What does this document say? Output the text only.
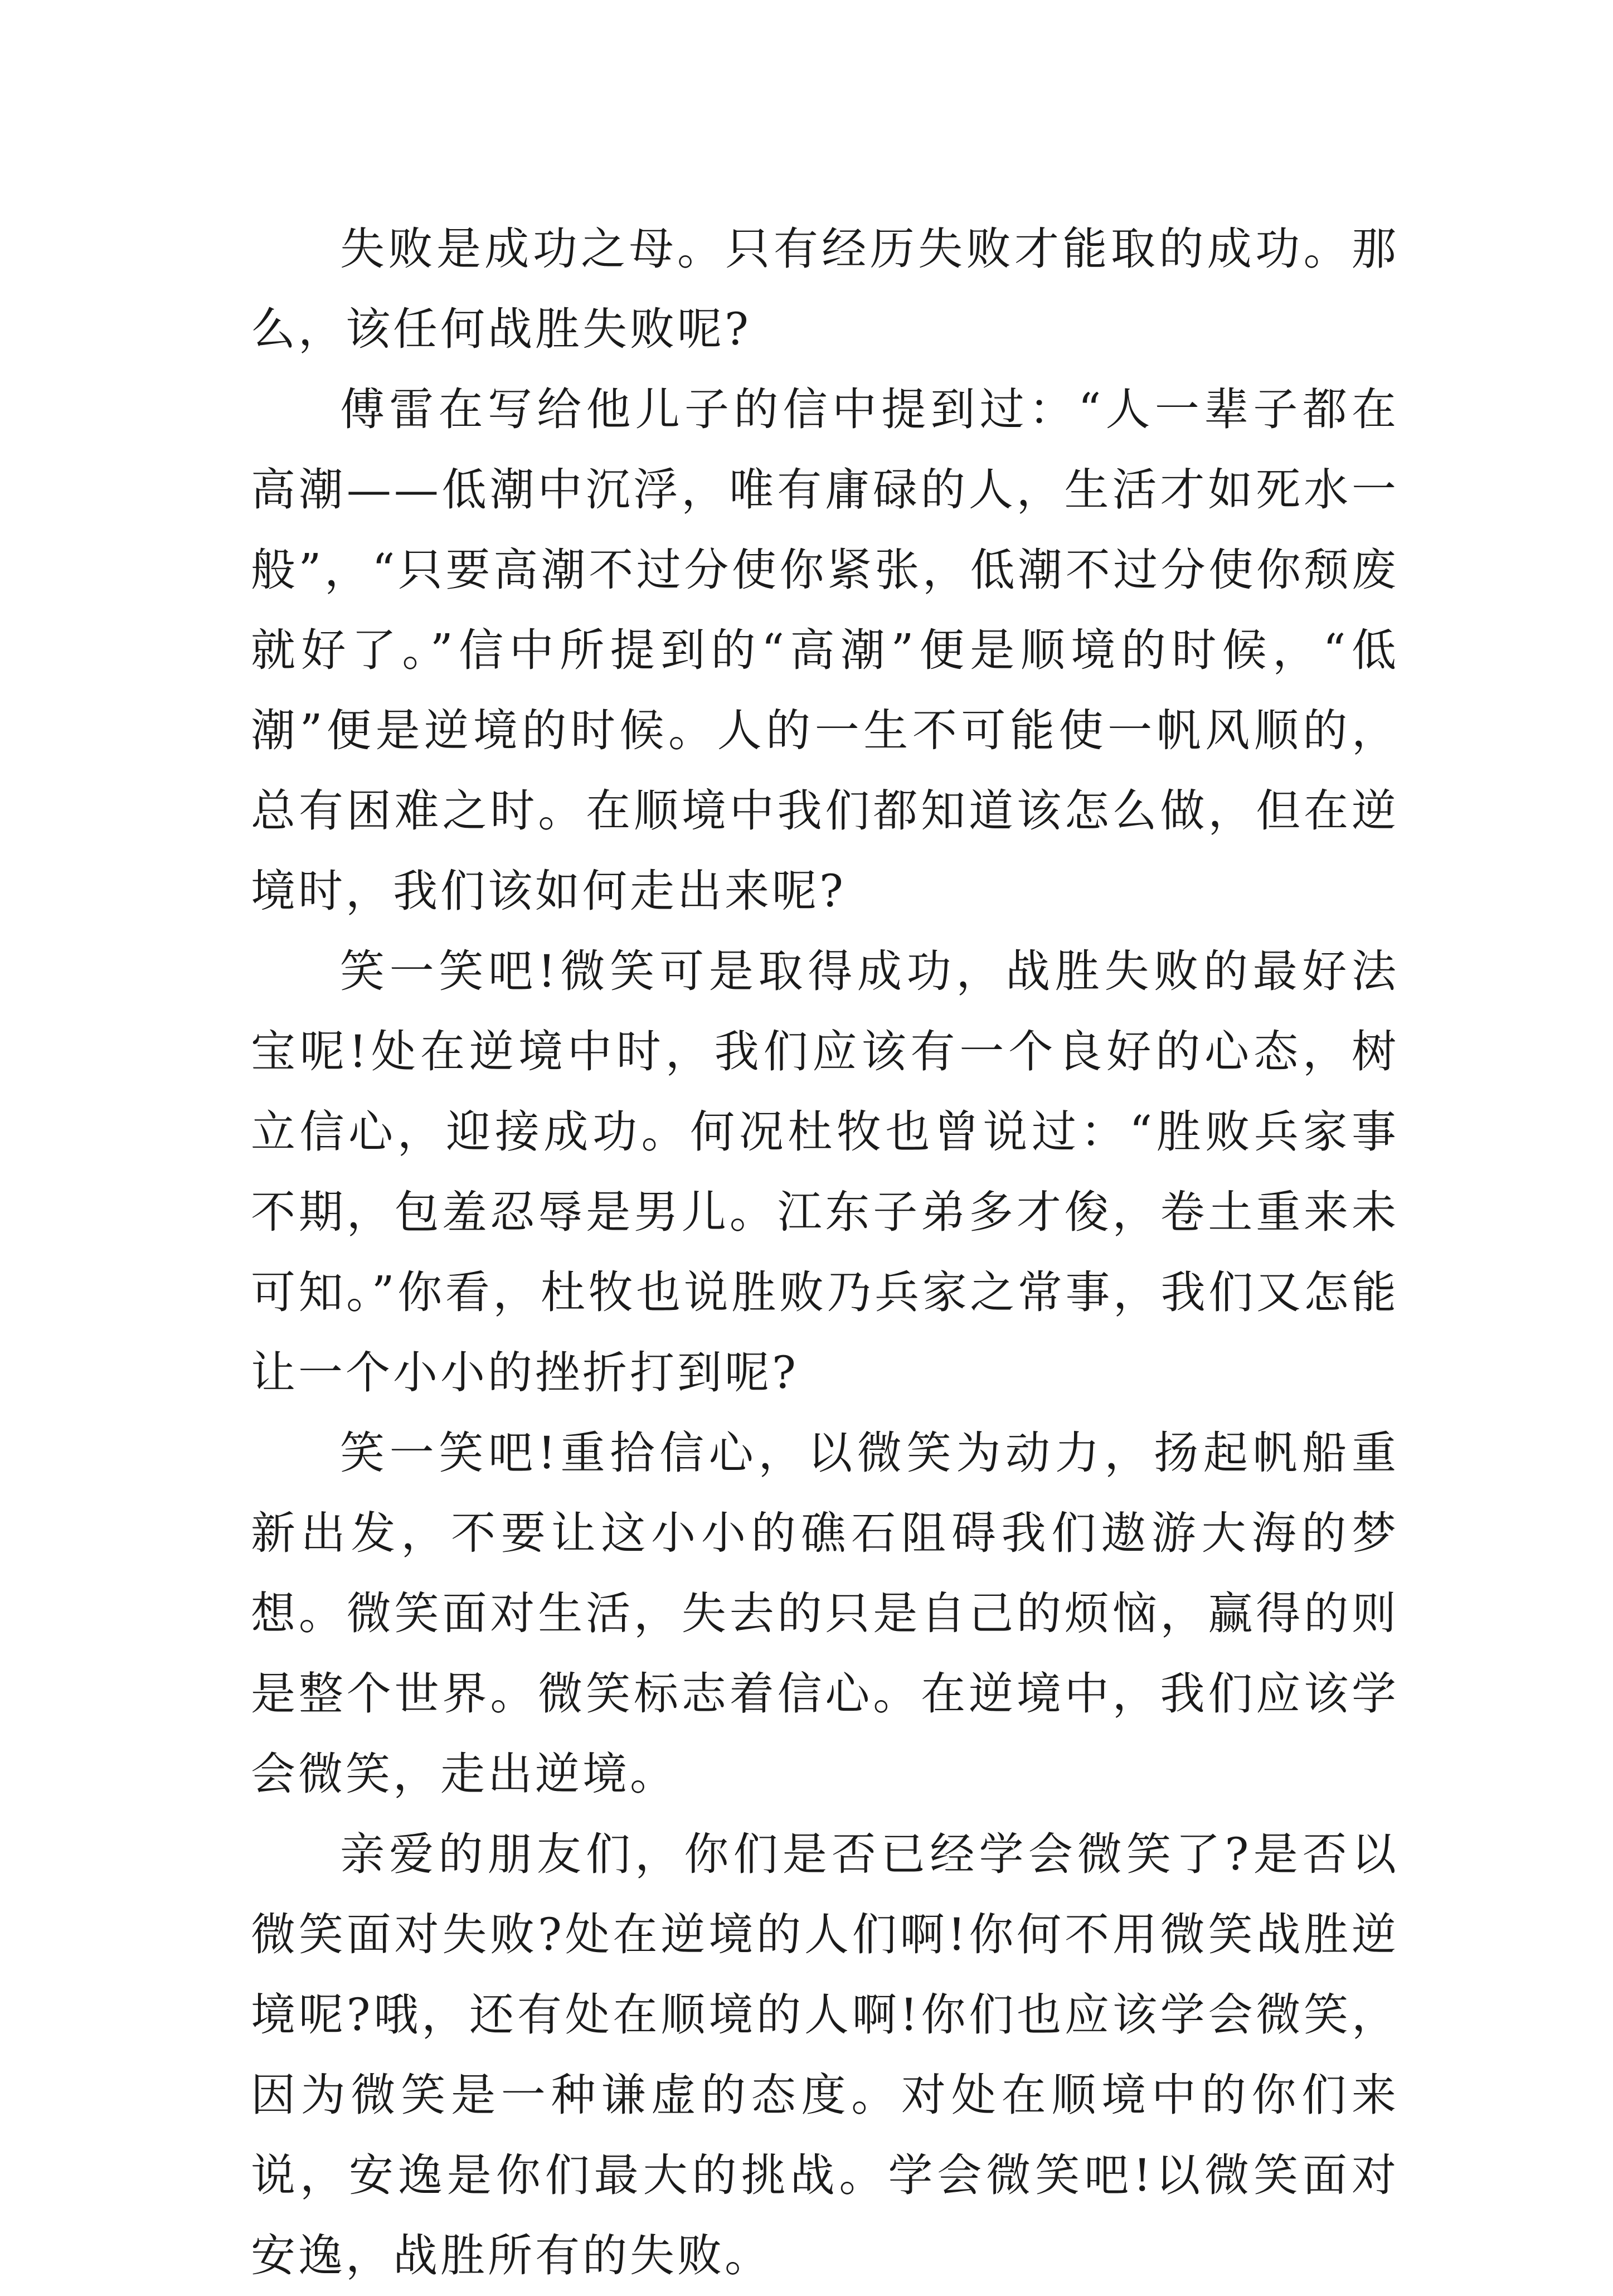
失败是成功之母。只有经历失败才能取的成功。那么，该任何战胜失败呢?

傅雷在写给他儿子的信中提到过：“人一辈子都在高潮——低潮中沉浮，唯有庸碌的人，生活才如死水一般”，“只要高潮不过分使你紧张，低潮不过分使你颓废就好了。”信中所提到的“高潮”便是顺境的时候，“低潮”便是逆境的时候。人的一生不可能使一帆风顺的，总有困难之时。在顺境中我们都知道该怎么做，但在逆境时，我们该如何走出来呢?

笑一笑吧!微笑可是取得成功，战胜失败的最好法宝呢!处在逆境中时，我们应该有一个良好的心态，树立信心，迎接成功。何况杜牧也曾说过：“胜败兵家事不期，包羞忍辱是男儿。江东子弟多才俊，卷土重来未可知。”你看，杜牧也说胜败乃兵家之常事，我们又怎能让一个小小的挫折打到呢?

笑一笑吧!重拾信心，以微笑为动力，扬起帆船重新出发，不要让这小小的礁石阻碍我们遨游大海的梦想。微笑面对生活，失去的只是自己的烦恼，赢得的则是整个世界。微笑标志着信心。在逆境中，我们应该学会微笑，走出逆境。

亲爱的朋友们，你们是否已经学会微笑了?是否以微笑面对失败?处在逆境的人们啊!你何不用微笑战胜逆境呢?哦，还有处在顺境的人啊!你们也应该学会微笑，因为微笑是一种谦虚的态度。对处在顺境中的你们来说，安逸是你们最大的挑战。学会微笑吧!以微笑面对安逸，战胜所有的失败。
